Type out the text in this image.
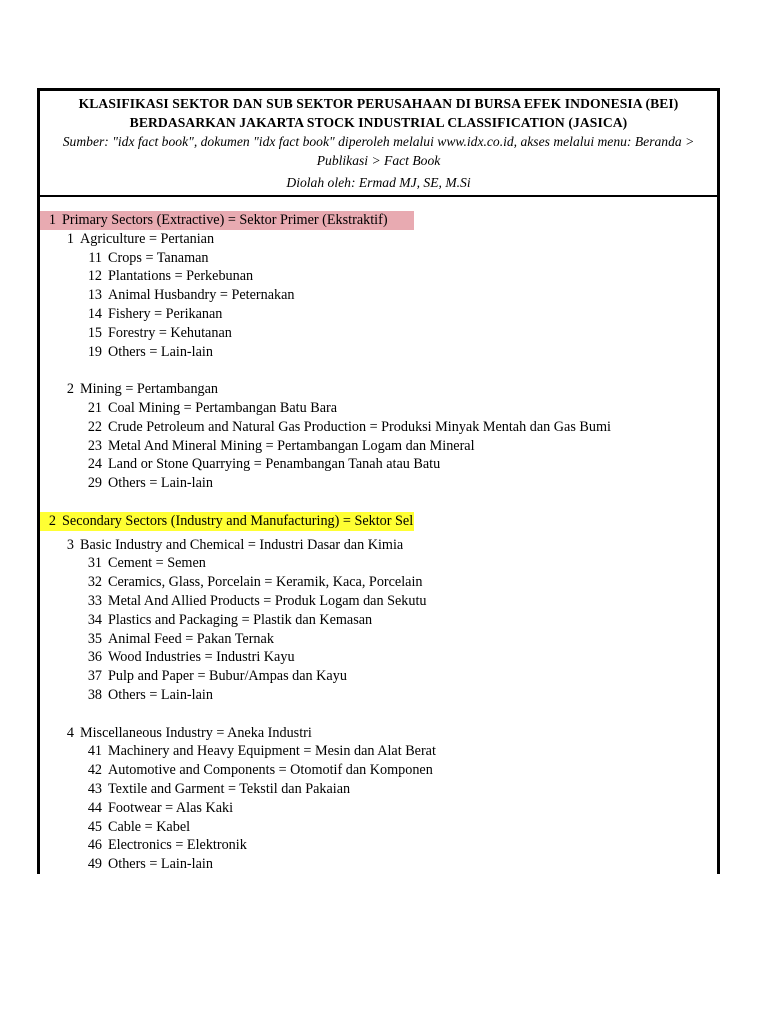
KLASIFIKASI SEKTOR DAN SUB SEKTOR PERUSAHAAN DI BURSA EFEK INDONESIA (BEI)
BERDASARKAN JAKARTA STOCK INDUSTRIAL CLASSIFICATION (JASICA)
Sumber: "idx fact book", dokumen "idx fact book" diperoleh melalui www.idx.co.id, akses melalui menu: Beranda >
Publikasi > Fact Book
Diolah oleh: Ermad MJ, SE, M.Si
1 Primary Sectors (Extractive) = Sektor Primer (Ekstraktif)
1 Agriculture = Pertanian
11 Crops = Tanaman
12 Plantations = Perkebunan
13 Animal Husbandry = Peternakan
14 Fishery = Perikanan
15 Forestry = Kehutanan
19 Others = Lain-lain
2 Mining = Pertambangan
21 Coal Mining = Pertambangan Batu Bara
22 Crude Petroleum and Natural Gas Production = Produksi Minyak Mentah dan Gas Bumi
23 Metal And Mineral Mining = Pertambangan Logam dan Mineral
24 Land or Stone Quarrying = Penambangan Tanah atau Batu
29 Others = Lain-lain
2 Secondary Sectors (Industry and Manufacturing) = Sektor Sel
3 Basic Industry and Chemical = Industri Dasar dan Kimia
31 Cement = Semen
32 Ceramics, Glass, Porcelain = Keramik, Kaca, Porcelain
33 Metal And Allied Products = Produk Logam dan Sekutu
34 Plastics and Packaging = Plastik dan Kemasan
35 Animal Feed = Pakan Ternak
36 Wood Industries = Industri Kayu
37 Pulp and Paper = Bubur/Ampas dan Kayu
38 Others = Lain-lain
4 Miscellaneous Industry = Aneka Industri
41 Machinery and Heavy Equipment = Mesin dan Alat Berat
42 Automotive and Components = Otomotif dan Komponen
43 Textile and Garment = Tekstil dan Pakaian
44 Footwear = Alas Kaki
45 Cable = Kabel
46 Electronics = Elektronik
49 Others = Lain-lain
